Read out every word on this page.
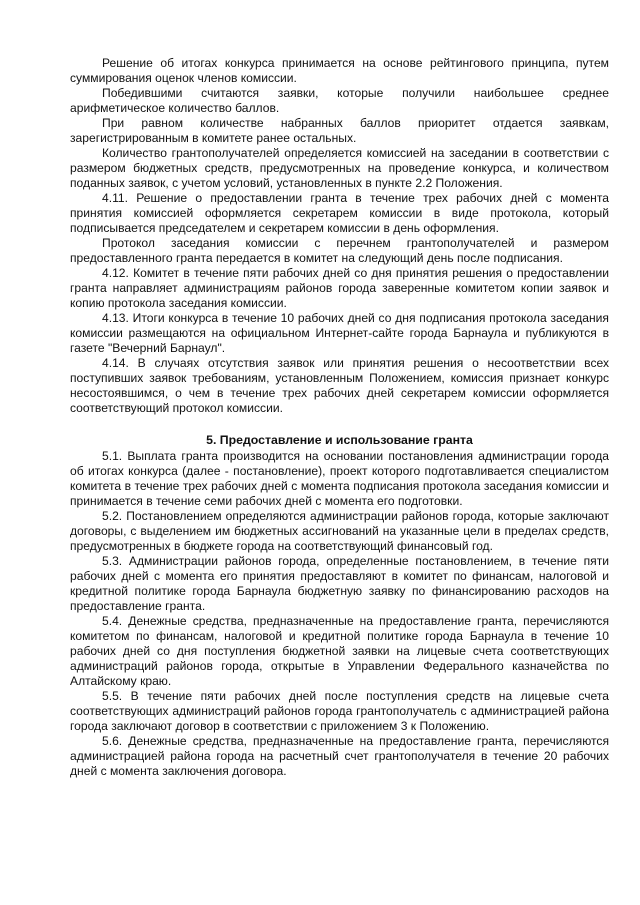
Решение об итогах конкурса принимается на основе рейтингового принципа, путем суммирования оценок членов комиссии.

Победившими считаются заявки, которые получили наибольшее среднее арифметическое количество баллов.

При равном количестве набранных баллов приоритет отдается заявкам, зарегистрированным в комитете ранее остальных.

Количество грантополучателей определяется комиссией на заседании в соответствии с размером бюджетных средств, предусмотренных на проведение конкурса, и количеством поданных заявок, с учетом условий, установленных в пункте 2.2 Положения.

4.11. Решение о предоставлении гранта в течение трех рабочих дней с момента принятия комиссией оформляется секретарем комиссии в виде протокола, который подписывается председателем и секретарем комиссии в день оформления.

Протокол заседания комиссии с перечнем грантополучателей и размером предоставленного гранта передается в комитет на следующий день после подписания.

4.12. Комитет в течение пяти рабочих дней со дня принятия решения о предоставлении гранта направляет администрациям районов города заверенные комитетом копии заявок и копию протокола заседания комиссии.

4.13. Итоги конкурса в течение 10 рабочих дней со дня подписания протокола заседания комиссии размещаются на официальном Интернет-сайте города Барнаула и публикуются в газете "Вечерний Барнаул".

4.14. В случаях отсутствия заявок или принятия решения о несоответствии всех поступивших заявок требованиям, установленным Положением, комиссия признает конкурс несостоявшимся, о чем в течение трех рабочих дней секретарем комиссии оформляется соответствующий протокол комиссии.

5. Предоставление и использование гранта

5.1. Выплата гранта производится на основании постановления администрации города об итогах конкурса (далее - постановление), проект которого подготавливается специалистом комитета в течение трех рабочих дней с момента подписания протокола заседания комиссии и принимается в течение семи рабочих дней с момента его подготовки.

5.2. Постановлением определяются администрации районов города, которые заключают договоры, с выделением им бюджетных ассигнований на указанные цели в пределах средств, предусмотренных в бюджете города на соответствующий финансовый год.

5.3. Администрации районов города, определенные постановлением, в течение пяти рабочих дней с момента его принятия предоставляют в комитет по финансам, налоговой и кредитной политике города Барнаула бюджетную заявку по финансированию расходов на предоставление гранта.

5.4. Денежные средства, предназначенные на предоставление гранта, перечисляются комитетом по финансам, налоговой и кредитной политике города Барнаула в течение 10 рабочих дней со дня поступления бюджетной заявки на лицевые счета соответствующих администраций районов города, открытые в Управлении Федерального казначейства по Алтайскому краю.

5.5. В течение пяти рабочих дней после поступления средств на лицевые счета соответствующих администраций районов города грантополучатель с администрацией района города заключают договор в соответствии с приложением 3 к Положению.

5.6. Денежные средства, предназначенные на предоставление гранта, перечисляются администрацией района города на расчетный счет грантополучателя в течение 20 рабочих дней с момента заключения договора.
